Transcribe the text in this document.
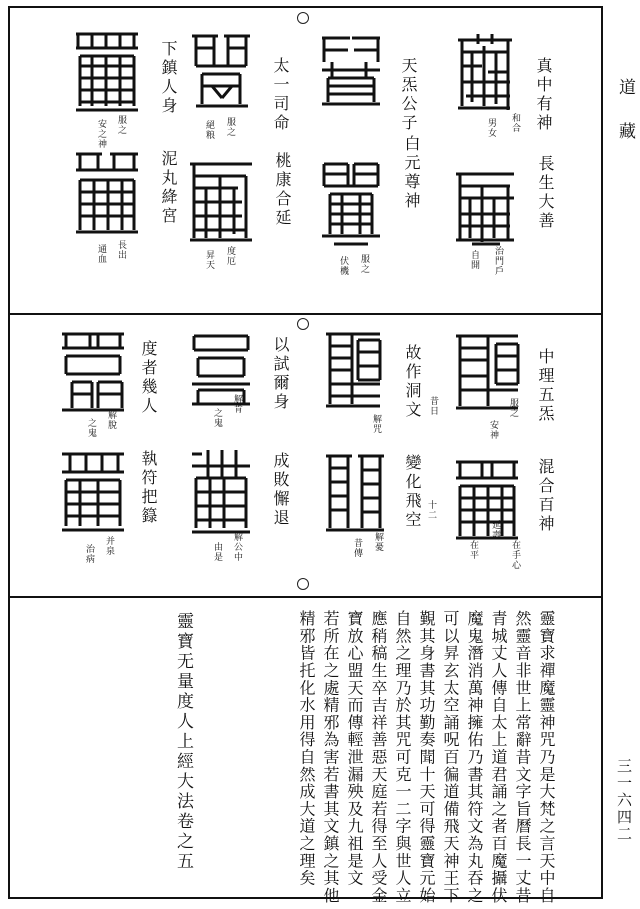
道
藏
三一六四二
真中有神
長生大善
天炁公子
白元尊神
太一司命
桃康合延
下鎮人身
泥丸絳宮
和合
男女
治門戶
自開
服之
伏機
服之
絕粮
度厄
昇天
服之
安之神
長出
通血
中理五炁
混合百神
故作洞文
變化飛空
以試爾身
成敗懈退
度者幾人
執符把籙
服之
安神
昔日
十二
解咒
在平
延壽
在手心
解憂
昔傳
解肯
之鬼
解脫
之鬼
解公中
由是
并泉
治病
靈寶求禪魔靈神咒乃是大梵之言天中自
然靈音非世上常辭昔文字旨曆長一丈昔
青城丈人傳自太上道君誦之者百魔攝伏
魔鬼潛消萬神擁佑乃書其符文為丸吞之
可以昇玄太空誦呪百徧道備飛天神王下
覲其身書其功勤奏聞十天可得靈寶元始
自然之理乃於其咒可克一二字與世人立
應稍稿生卒吉祥善惡天庭若得至人受金
寶放心盟天而傳輕泄漏殃及九祖是文
若所在之處精邪為害若書其文鎮之其他
精邪皆托化水用得自然成大道之理矣
靈寶无量度人上經大法卷之五
